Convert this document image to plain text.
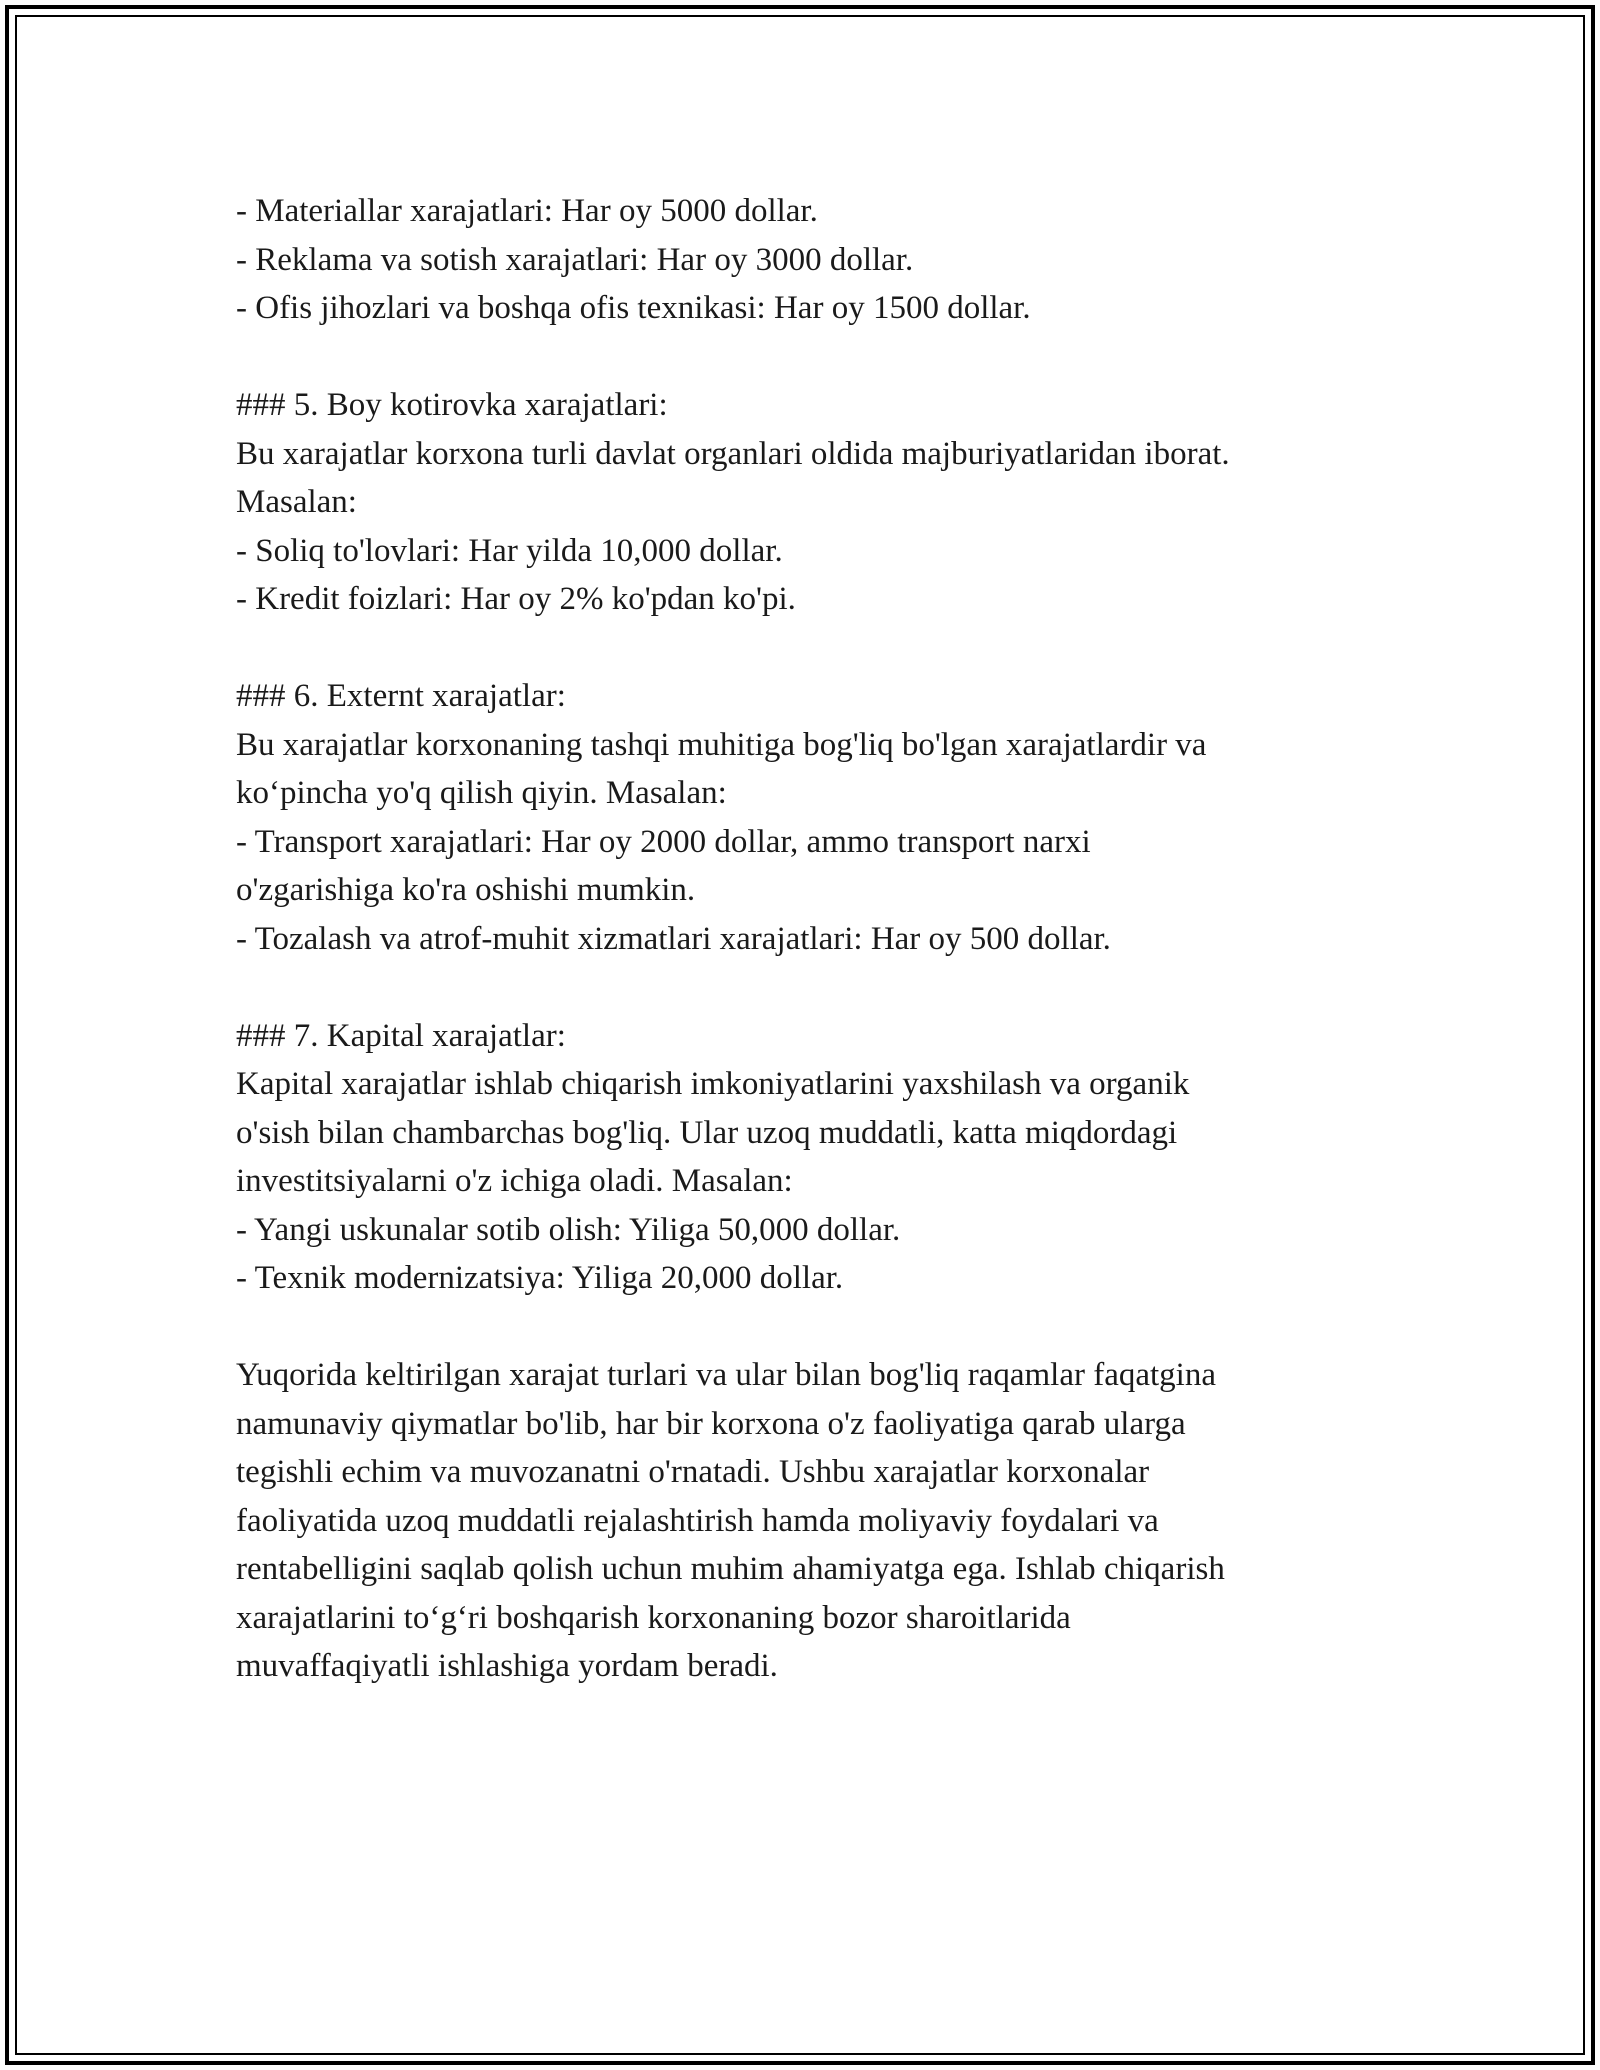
- Materiallar xarajatlari: Har oy 5000 dollar.
- Reklama va sotish xarajatlari: Har oy 3000 dollar.
- Ofis jihozlari va boshqa ofis texnikasi: Har oy 1500 dollar.
### 5. Boy kotirovka xarajatlari:
Bu xarajatlar korxona turli davlat organlari oldida majburiyatlaridan iborat.
Masalan:
- Soliq to'lovlari: Har yilda 10,000 dollar.
- Kredit foizlari: Har oy 2% ko'pdan ko'pi.
### 6. Externt xarajatlar:
Bu xarajatlar korxonaning tashqi muhitiga bog'liq bo'lgan xarajatlardir va
ko‘pincha yo'q qilish qiyin. Masalan:
- Transport xarajatlari: Har oy 2000 dollar, ammo transport narxi
o'zgarishiga ko'ra oshishi mumkin.
- Tozalash va atrof-muhit xizmatlari xarajatlari: Har oy 500 dollar.
### 7. Kapital xarajatlar:
Kapital xarajatlar ishlab chiqarish imkoniyatlarini yaxshilash va organik
o'sish bilan chambarchas bog'liq. Ular uzoq muddatli, katta miqdordagi
investitsiyalarni o'z ichiga oladi. Masalan:
- Yangi uskunalar sotib olish: Yiliga 50,000 dollar.
- Texnik modernizatsiya: Yiliga 20,000 dollar.
Yuqorida keltirilgan xarajat turlari va ular bilan bog'liq raqamlar faqatgina
namunaviy qiymatlar bo'lib, har bir korxona o'z faoliyatiga qarab ularga
tegishli echim va muvozanatni o'rnatadi. Ushbu xarajatlar korxonalar
faoliyatida uzoq muddatli rejalashtirish hamda moliyaviy foydalari va
rentabelligini saqlab qolish uchun muhim ahamiyatga ega. Ishlab chiqarish
xarajatlarini to‘g‘ri boshqarish korxonaning bozor sharoitlarida
muvaffaqiyatli ishlashiga yordam beradi.
